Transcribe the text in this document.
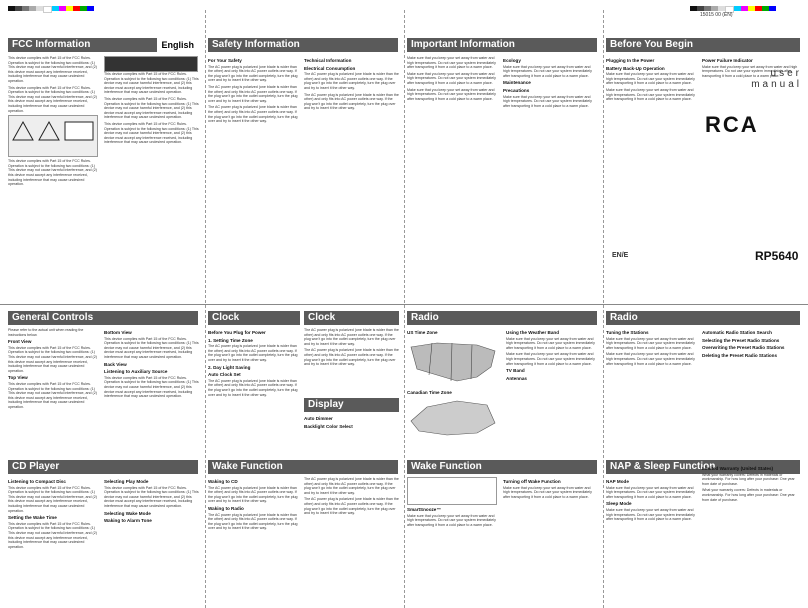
15015 00 (EN)
FCC Information	English	Safety Information	Important Information	Before You Begin

This device complies with Part 15 of the FCC Rules. Operation is subject to the following two conditions: (1) This device may not cause harmful interference, and (2) this device must accept any interference received, including interference that may cause undesired operation.

This device complies with Part 15 of the FCC Rules. Operation is subject to the following two conditions: (1) This device may not cause harmful interference, and (2) this device must accept any interference received, including interference that may cause undesired operation.

This device complies with Part 15 of the FCC Rules. Operation is subject to the following two conditions: (1) This device may not cause harmful interference, and (2) this device must accept any interference received, including interference that may cause undesired operation.

This device complies with Part 15 of the FCC Rules. Operation is subject to the following two conditions: (1) This device may not cause harmful interference, and (2) this device must accept any interference received, including interference that may cause undesired operation.

This device complies with Part 15 of the FCC Rules. Operation is subject to the following two conditions: (1) This device may not cause harmful interference, and (2) this device must accept any interference received, including interference that may cause undesired operation.

This device complies with Part 15 of the FCC Rules. Operation is subject to the following two conditions: (1) This device may not cause harmful interference, and (2) this device must accept any interference received, including interference that may cause undesired operation.

For Your Safety

The AC power plug is polarized (one blade is wider than the other) and only fits into AC power outlets one way. If the plug won't go into the outlet completely, turn the plug over and try to insert it the other way.

The AC power plug is polarized (one blade is wider than the other) and only fits into AC power outlets one way. If the plug won't go into the outlet completely, turn the plug over and try to insert it the other way.

The AC power plug is polarized (one blade is wider than the other) and only fits into AC power outlets one way. If the plug won't go into the outlet completely, turn the plug over and try to insert it the other way.

Technical Information
Electrical Consumption

The AC power plug is polarized (one blade is wider than the other) and only fits into AC power outlets one way. If the plug won't go into the outlet completely, turn the plug over and try to insert it the other way.

The AC power plug is polarized (one blade is wider than the other) and only fits into AC power outlets one way. If the plug won't go into the outlet completely, turn the plug over and try to insert it the other way.

Make sure that you keep your set away from water and high temperatures. Do not use your system immediately after transporting it from a cold place to a warm place.

Make sure that you keep your set away from water and high temperatures. Do not use your system immediately after transporting it from a cold place to a warm place.

Make sure that you keep your set away from water and high temperatures. Do not use your system immediately after transporting it from a cold place to a warm place.

Ecology

Make sure that you keep your set away from water and high temperatures. Do not use your system immediately after transporting it from a cold place to a warm place.

Maintenance
Precautions

Make sure that you keep your set away from water and high temperatures. Do not use your system immediately after transporting it from a cold place to a warm place.

Plugging In the Power
Battery Back-Up Operation

Make sure that you keep your set away from water and high temperatures. Do not use your system immediately after transporting it from a cold place to a warm place.

Make sure that you keep your set away from water and high temperatures. Do not use your system immediately after transporting it from a cold place to a warm place.

Power Failure Indicator

Make sure that you keep your set away from water and high temperatures. Do not use your system immediately after transporting it from a cold place to a warm place.

RCA
user manual
EN/E	RP5640
General Controls	Clock	Clock	Radio	Radio
Display
CD Player	Wake Function	Wake Function	NAP & Sleep Function

Please refer to the actual unit when reading the instructions below.

Front View

This device complies with Part 15 of the FCC Rules. Operation is subject to the following two conditions: (1) This device may not cause harmful interference, and (2) this device must accept any interference received, including interference that may cause undesired operation.

Top View

This device complies with Part 15 of the FCC Rules. Operation is subject to the following two conditions: (1) This device may not cause harmful interference, and (2) this device must accept any interference received, including interference that may cause undesired operation.

Bottom View

This device complies with Part 15 of the FCC Rules. Operation is subject to the following two conditions: (1) This device may not cause harmful interference, and (2) this device must accept any interference received, including interference that may cause undesired operation.

Back View
Listening to Auxiliary Source

This device complies with Part 15 of the FCC Rules. Operation is subject to the following two conditions: (1) This device may not cause harmful interference, and (2) this device must accept any interference received, including interference that may cause undesired operation.

Before You Plug for Power
1. Setting Time Zone

The AC power plug is polarized (one blade is wider than the other) and only fits into AC power outlets one way. If the plug won't go into the outlet completely, turn the plug over and try to insert it the other way.

2. Day Light Saving
Auto Clock Set

The AC power plug is polarized (one blade is wider than the other) and only fits into AC power outlets one way. If the plug won't go into the outlet completely, turn the plug over and try to insert it the other way.

The AC power plug is polarized (one blade is wider than the other) and only fits into AC power outlets one way. If the plug won't go into the outlet completely, turn the plug over and try to insert it the other way.

The AC power plug is polarized (one blade is wider than the other) and only fits into AC power outlets one way. If the plug won't go into the outlet completely, turn the plug over and try to insert it the other way.

Auto Dimmer
Backlight Color Select
US Time Zone
Canadian Time Zone
Using the Weather Band

Make sure that you keep your set away from water and high temperatures. Do not use your system immediately after transporting it from a cold place to a warm place.

Make sure that you keep your set away from water and high temperatures. Do not use your system immediately after transporting it from a cold place to a warm place.

TV Band
Antennas
Tuning the Stations

Make sure that you keep your set away from water and high temperatures. Do not use your system immediately after transporting it from a cold place to a warm place.

Make sure that you keep your set away from water and high temperatures. Do not use your system immediately after transporting it from a cold place to a warm place.

Automatic Radio Station Search
Selecting the Preset Radio Stations
Overwriting the Preset Radio Stations
Deleting the Preset Radio Stations
Listening to Compact Disc

This device complies with Part 15 of the FCC Rules. Operation is subject to the following two conditions: (1) This device may not cause harmful interference, and (2) this device must accept any interference received, including interference that may cause undesired operation.

Setting the Wake Time

This device complies with Part 15 of the FCC Rules. Operation is subject to the following two conditions: (1) This device may not cause harmful interference, and (2) this device must accept any interference received, including interference that may cause undesired operation.

Selecting Play Mode

This device complies with Part 15 of the FCC Rules. Operation is subject to the following two conditions: (1) This device may not cause harmful interference, and (2) this device must accept any interference received, including interference that may cause undesired operation.

Selecting Wake Mode
Waking to Alarm Tone
Waking to CD

The AC power plug is polarized (one blade is wider than the other) and only fits into AC power outlets one way. If the plug won't go into the outlet completely, turn the plug over and try to insert it the other way.

Waking to Radio

The AC power plug is polarized (one blade is wider than the other) and only fits into AC power outlets one way. If the plug won't go into the outlet completely, turn the plug over and try to insert it the other way.

The AC power plug is polarized (one blade is wider than the other) and only fits into AC power outlets one way. If the plug won't go into the outlet completely, turn the plug over and try to insert it the other way.

The AC power plug is polarized (one blade is wider than the other) and only fits into AC power outlets one way. If the plug won't go into the outlet completely, turn the plug over and try to insert it the other way.

SmartSnooze™

Make sure that you keep your set away from water and high temperatures. Do not use your system immediately after transporting it from a cold place to a warm place.

Turning off Wake Function

Make sure that you keep your set away from water and high temperatures. Do not use your system immediately after transporting it from a cold place to a warm place.

NAP Mode

Make sure that you keep your set away from water and high temperatures. Do not use your system immediately after transporting it from a cold place to a warm place.

Sleep Mode

Make sure that you keep your set away from water and high temperatures. Do not use your system immediately after transporting it from a cold place to a warm place.

Limited Warranty (United States)

What your warranty covers: Defects in materials or workmanship. For how long after your purchase: One year from date of purchase.

What your warranty covers: Defects in materials or workmanship. For how long after your purchase: One year from date of purchase.
